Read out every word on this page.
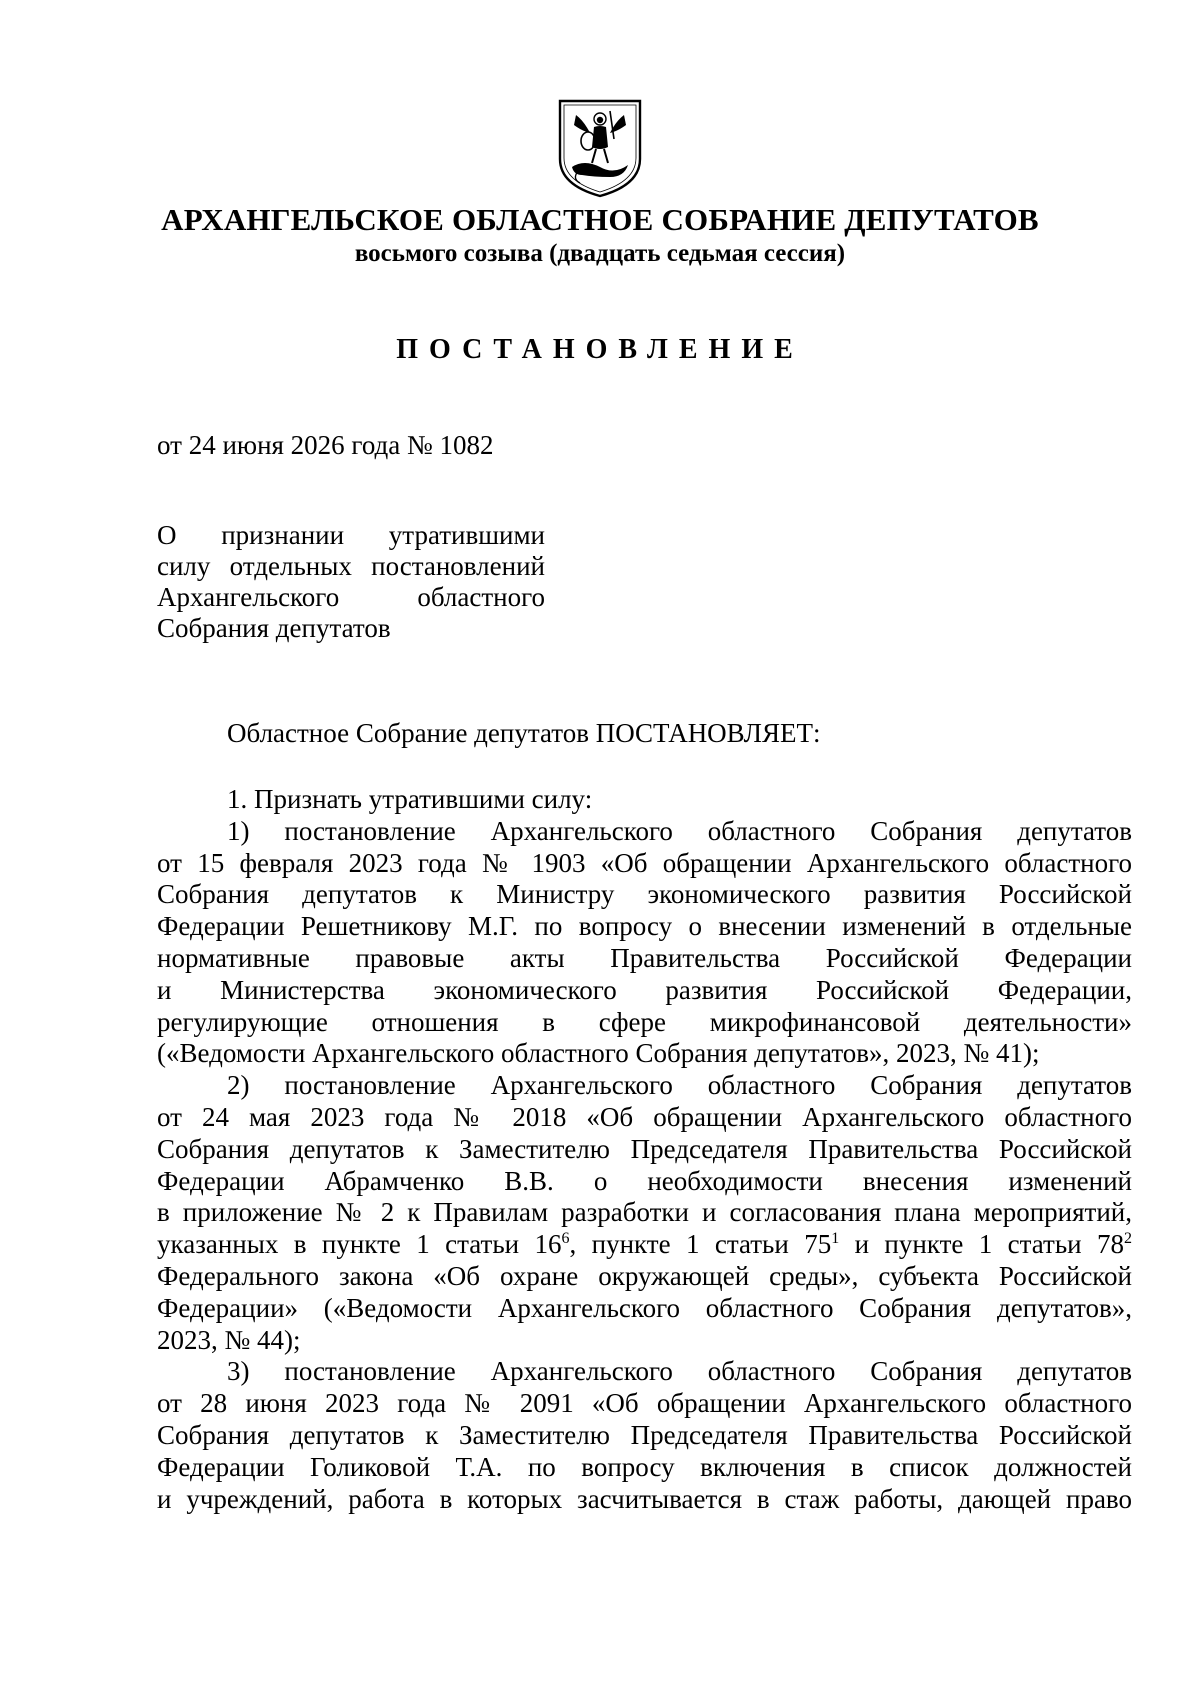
АРХАНГЕЛЬСКОЕ ОБЛАСТНОЕ СОБРАНИЕ ДЕПУТАТОВ
восьмого созыва (двадцать седьмая сессия)
ПОСТАНОВЛЕНИЕ
от 24 июня 2026 года № 1082
О признании утратившими
силу отдельных постановлений
Архангельского областного
Собрания депутатов
Областное Собрание депутатов ПОСТАНОВЛЯЕТ:

1. Признать утратившими силу:

1) постановление Архангельского областного Собрания депутатов
от 15 февраля 2023 года № 1903 «Об обращении Архангельского областного
Собрания депутатов к Министру экономического развития Российской
Федерации Решетникову М.Г. по вопросу о внесении изменений в отдельные
нормативные правовые акты Правительства Российской Федерации
и Министерства экономического развития Российской Федерации,
регулирующие отношения в сфере микрофинансовой деятельности»
(«Ведомости Архангельского областного Собрания депутатов», 2023, № 41);
2) постановление Архангельского областного Собрания депутатов
от 24 мая 2023 года № 2018 «Об обращении Архангельского областного
Собрания депутатов к Заместителю Председателя Правительства Российской
Федерации Абрамченко В.В. о необходимости внесения изменений
в приложение № 2 к Правилам разработки и согласования плана мероприятий,
указанных в пункте 1 статьи $16^6$, пункте 1 статьи $75^1$ и пункте 1 статьи $78^2$
Федерального закона «Об охране окружающей среды», субъекта Российской
Федерации» («Ведомости Архангельского областного Собрания депутатов»,
2023, № 44);
3) постановление Архангельского областного Собрания депутатов
от 28 июня 2023 года № 2091 «Об обращении Архангельского областного
Собрания депутатов к Заместителю Председателя Правительства Российской
Федерации Голиковой Т.А. по вопросу включения в список должностей
и учреждений, работа в которых засчитывается в стаж работы, дающей право
